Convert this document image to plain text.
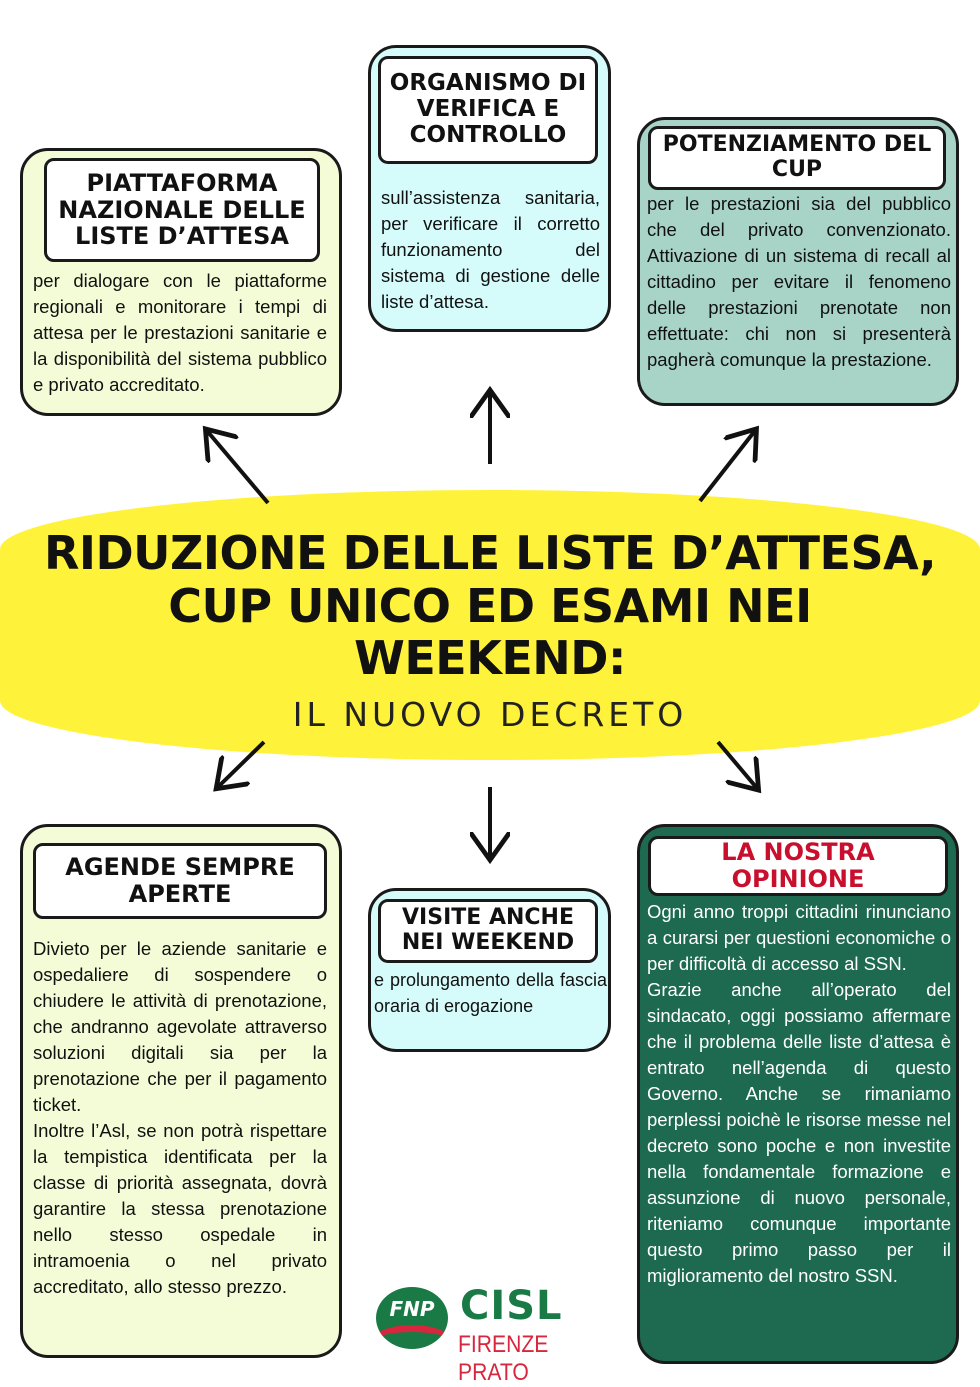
RIDUZIONE DELLE LISTE D’ATTESA,
CUP UNICO ED ESAMI NEI
WEEKEND:
IL NUOVO DECRETO
PIATTAFORMA NAZIONALE DELLE LISTE D’ATTESA
per dialogare con le piattaforme regionali e monitorare i tempi di attesa per le prestazioni sanitarie e la disponibilità del sistema pubblico e privato accreditato.
ORGANISMO DI VERIFICA E CONTROLLO
sull’assistenza sanitaria, per verificare il corretto funzionamento del sistema di gestione delle liste d’attesa.
POTENZIAMENTO DEL CUP
per le prestazioni sia del pubblico che del privato convenzionato. Attivazione di un sistema di recall al cittadino per evitare il fenomeno delle prestazioni prenotate non effettuate: chi non si presenterà pagherà comunque la prestazione.
AGENDE SEMPRE APERTE
Divieto per le aziende sanitarie e ospedaliere di sospendere o chiudere le attività di prenotazione, che andranno agevolate attraverso soluzioni digitali sia per la prenotazione che per il pagamento ticket.
Inoltre l’Asl, se non potrà rispettare la tempistica identificata per la classe di priorità assegnata, dovrà garantire la stessa prenotazione nello stesso ospedale in intramoenia o nel privato accreditato, allo stesso prezzo.
VISITE ANCHE NEI WEEKEND
e prolungamento della fascia oraria di erogazione
LA NOSTRA OPINIONE
Ogni anno troppi cittadini rinunciano a curarsi per questioni economiche o per difficoltà di accesso al SSN.
Grazie anche all’operato del sindacato, oggi possiamo affermare che il problema delle liste d’attesa è entrato nell’agenda di questo Governo. Anche se rimaniamo perplessi poichè le risorse messe nel decreto sono poche e non investite nella fondamentale formazione e assunzione di nuovo personale, riteniamo comunque importante questo primo passo per il miglioramento del nostro SSN.
FNP CISL
FIRENZE PRATO
